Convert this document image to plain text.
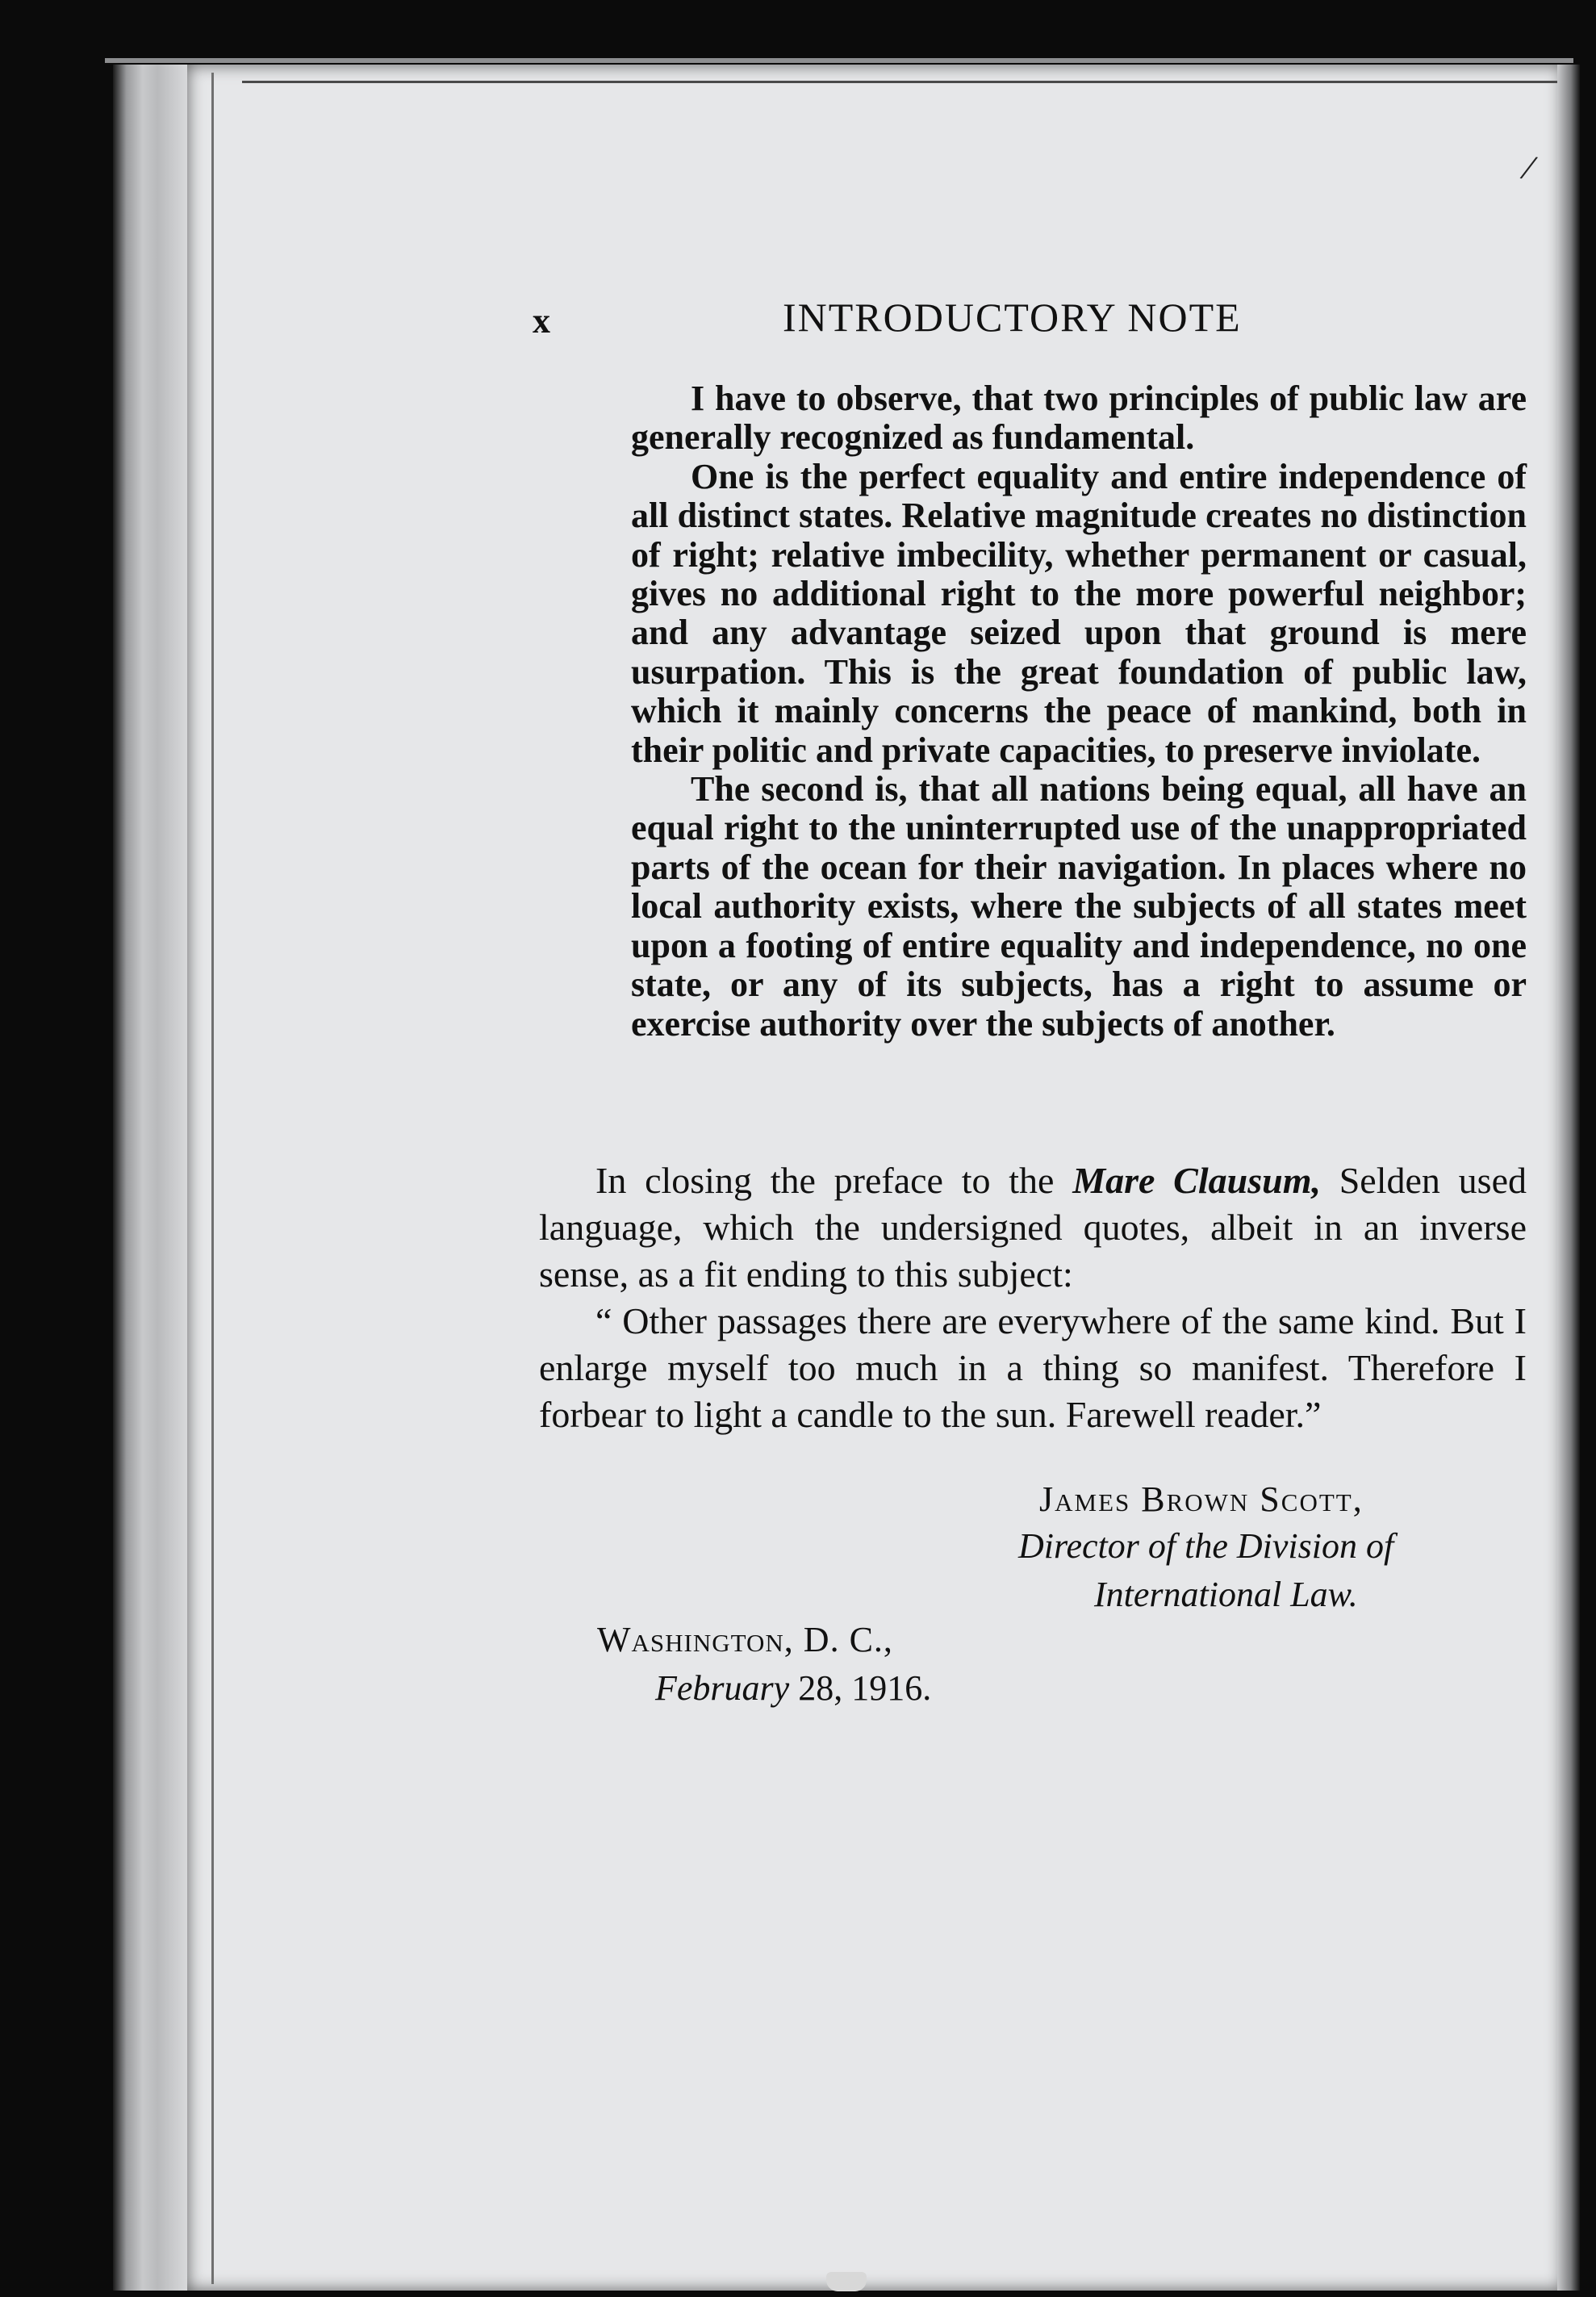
/
x	INTRODUCTORY NOTE

I have to observe, that two principles of public law are generally recognized as fundamental.

One is the perfect equality and entire independence of all distinct states. Relative magnitude creates no distinction of right; relative imbecility, whether permanent or casual, gives no additional right to the more powerful neighbor; and any advantage seized upon that ground is mere usurpation. This is the great foundation of public law, which it mainly concerns the peace of mankind, both in their politic and private capacities, to preserve inviolate.

The second is, that all nations being equal, all have an equal right to the uninterrupted use of the unappropriated parts of the ocean for their navigation. In places where no local authority exists, where the subjects of all states meet upon a footing of entire equality and independence, no one state, or any of its subjects, has a right to assume or exercise authority over the subjects of another.

In closing the preface to the Mare Clausum, Selden used language, which the undersigned quotes, albeit in an inverse sense, as a fit ending to this subject:

“ Other passages there are everywhere of the same kind. But I enlarge myself too much in a thing so manifest. Therefore I forbear to light a candle to the sun. Farewell reader.”

James Brown Scott,
Director of the Division of
International Law.
Washington, D. C.,
February 28, 1916.
